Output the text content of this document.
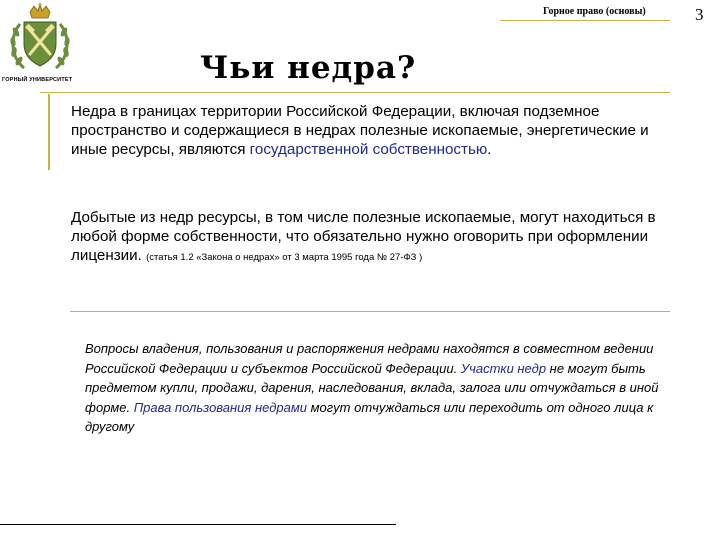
ГОРНЫЙ УНИВЕРСИТЕТ
Горное право (основы)	3
Чьи недра?
Недра в границах территории Российской Федерации, включая подземное пространство и содержащиеся в недрах полезные ископаемые, энергетические и иные ресурсы, являются государственной собственностью.
Добытые из недр ресурсы, в том числе полезные ископаемые, могут находиться в любой форме собственности, что обязательно нужно оговорить при оформлении лицензии. (статья 1.2 «Закона о недрах» от 3 марта 1995 года № 27-ФЗ )
Вопросы владения, пользования и распоряжения недрами находятся в совместном ведении Российской Федерации и субъектов Российской Федерации. Участки недр не могут быть предметом купли, продажи, дарения, наследования, вклада, залога или отчуждаться в иной форме. Права пользования недрами могут отчуждаться или переходить от одного лица к другому
